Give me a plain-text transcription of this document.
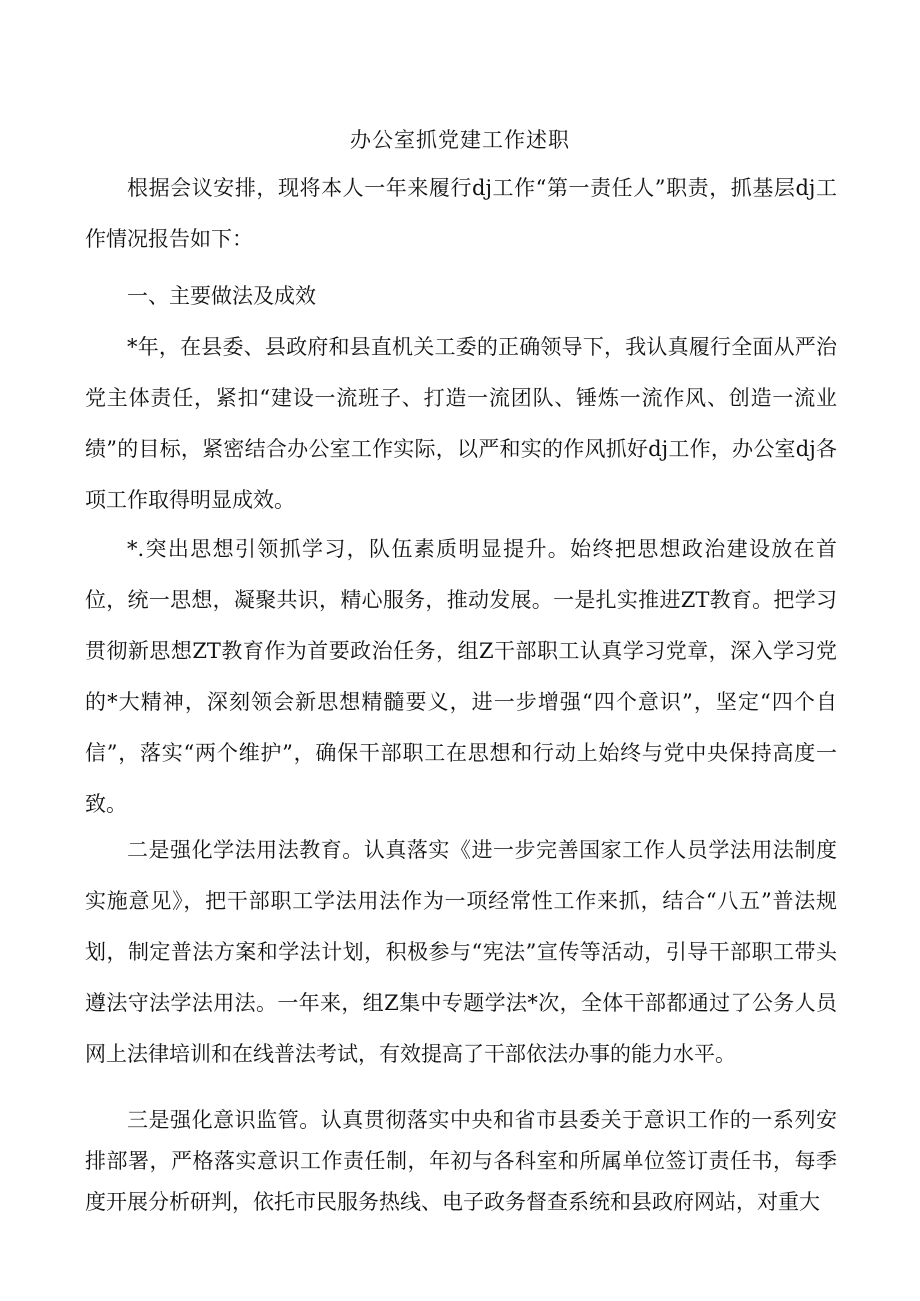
办公室抓党建工作述职

根据会议安排，现将本人一年来履行dj工作“第一责任人”职责，抓基层dj工作情况报告如下：

一、主要做法及成效

*年，在县委、县政府和县直机关工委的正确领导下，我认真履行全面从严治党主体责任，紧扣“建设一流班子、打造一流团队、锤炼一流作风、创造一流业绩”的目标，紧密结合办公室工作实际，以严和实的作风抓好dj工作，办公室dj各项工作取得明显成效。

*.突出思想引领抓学习，队伍素质明显提升。始终把思想政治建设放在首位，统一思想，凝聚共识，精心服务，推动发展。一是扎实推进ZT教育。把学习贯彻新思想ZT教育作为首要政治任务，组Z干部职工认真学习党章，深入学习党的*大精神，深刻领会新思想精髓要义，进一步增强“四个意识”，坚定“四个自信”，落实“两个维护”，确保干部职工在思想和行动上始终与党中央保持高度一致。

二是强化学法用法教育。认真落实《进一步完善国家工作人员学法用法制度实施意见》，把干部职工学法用法作为一项经常性工作来抓，结合“八五”普法规划，制定普法方案和学法计划，积极参与“宪法”宣传等活动，引导干部职工带头遵法守法学法用法。一年来，组Z集中专题学法*次，全体干部都通过了公务人员网上法律培训和在线普法考试，有效提高了干部依法办事的能力水平。

三是强化意识监管。认真贯彻落实中央和省市县委关于意识工作的一系列安排部署，严格落实意识工作责任制，年初与各科室和所属单位签订责任书，每季度开展分析研判，依托市民服务热线、电子政务督查系统和县政府网站，对重大
